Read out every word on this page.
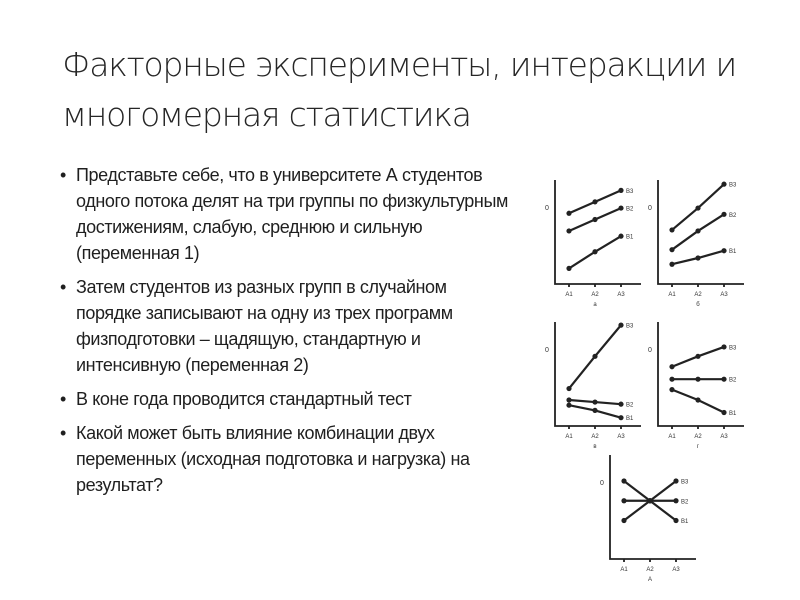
Факторные эксперименты, интеракции и многомерная статистика
• Представьте себе, что в университете А студентов одного потока делят на три группы по физкультурным достижениям, слабую, среднюю и сильную (переменная 1)
• Затем студентов из разных групп в случайном порядке записывают на одну из трех программ физподготовки – щадящую, стандартную и интенсивную (переменная 2)
• В коне года проводится стандартный тест
• Какой может быть влияние комбинации двух переменных (исходная подготовка и нагрузка) на результат?
0
A1	A2	A3
a
B3
B2
B1
0
A1	A2	A3
б
B3
B2
B1
0
A1	A2	A3
в
B3
B2
B1
0
A1	A2	A3
г
B3
B2
B1
0
A1	A2	A3
А
B3
B2
B1
